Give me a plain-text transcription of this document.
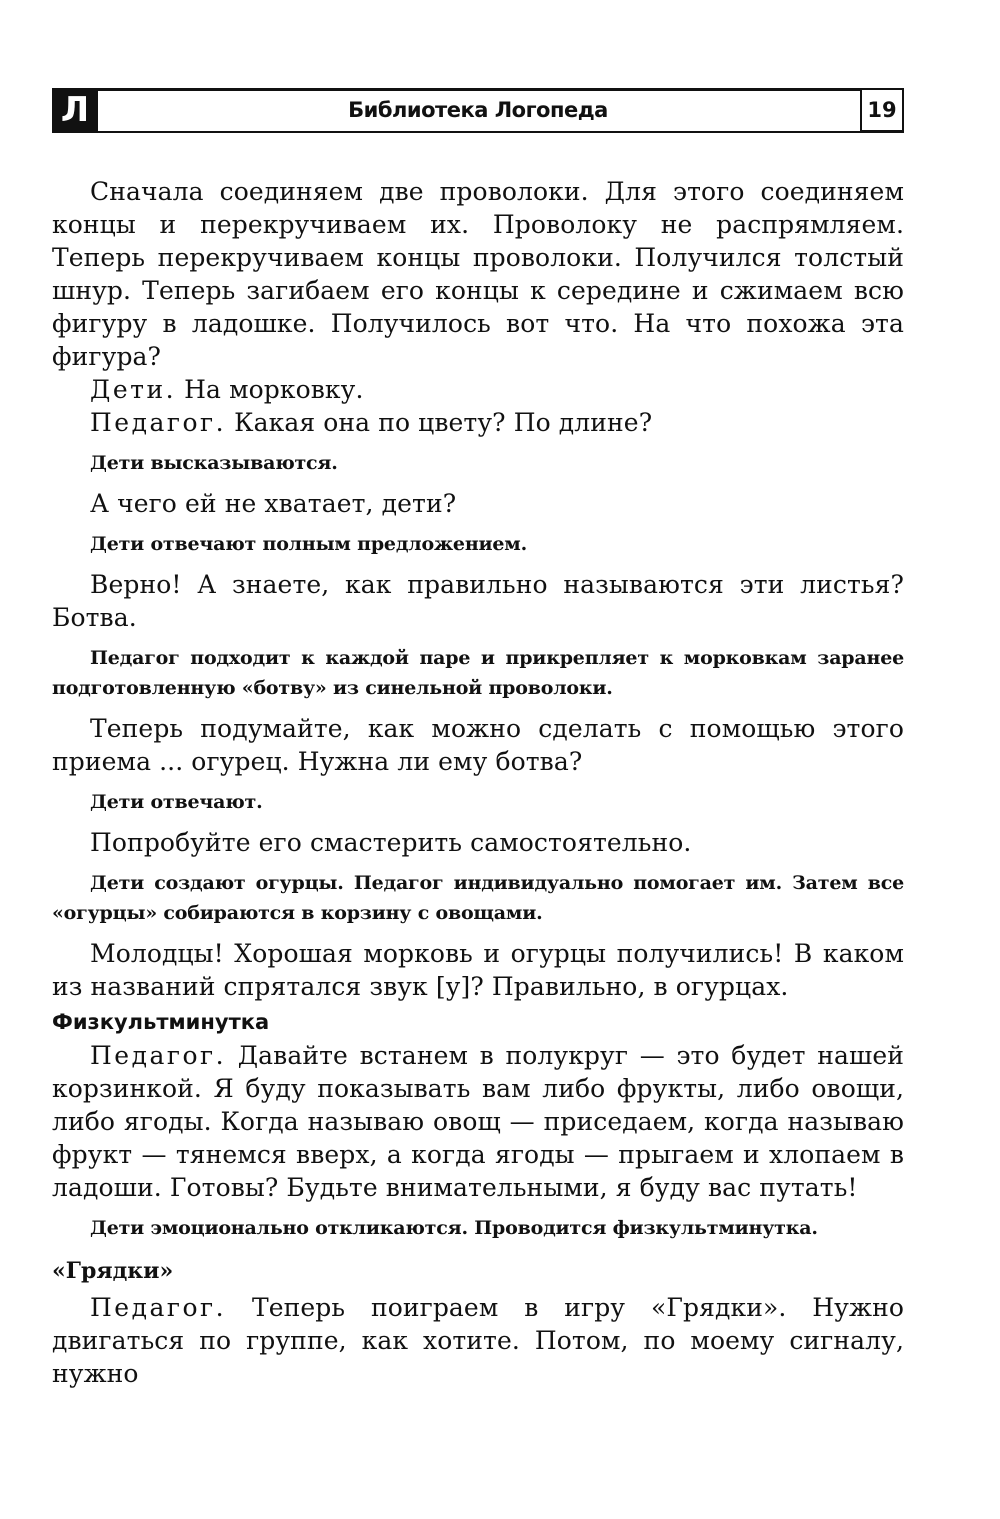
Л	Библиотека Логопеда	19

Сначала соединяем две проволоки. Для этого соединяем концы и перекручиваем их. Проволоку не распрямляем. Теперь перекручиваем концы проволоки. Получился толстый шнур. Теперь загибаем его концы к середине и сжимаем всю фигуру в ладошке. Получилось вот что. На что похожа эта фигура?

Дети. На морковку.

Педагог. Какая она по цвету? По длине?

Дети высказываются.

А чего ей не хватает, дети?

Дети отвечают полным предложением.

Верно! А знаете, как правильно называются эти листья? Ботва.

Педагог подходит к каждой паре и прикрепляет к морковкам заранее подготовленную «ботву» из синельной проволоки.

Теперь подумайте, как можно сделать с помощью этого приема ... огурец. Нужна ли ему ботва?

Дети отвечают.

Попробуйте его смастерить самостоятельно.

Дети создают огурцы. Педагог индивидуально помогает им. Затем все «огурцы» собираются в корзину с овощами.

Молодцы! Хорошая морковь и огурцы получились! В каком из названий спрятался звук [у]? Правильно, в огурцах.

Физкультминутка

Педагог. Давайте встанем в полукруг — это будет нашей корзинкой. Я буду показывать вам либо фрукты, либо овощи, либо ягоды. Когда называю овощ — приседаем, когда называю фрукт — тянемся вверх, а когда ягоды — прыгаем и хлопаем в ладоши. Готовы? Будьте внимательными, я буду вас путать!

Дети эмоционально откликаются. Проводится физкультминутка.
«Грядки»

Педагог. Теперь поиграем в игру «Грядки». Нужно двигаться по группе, как хотите. Потом, по моему сигналу, нужно
